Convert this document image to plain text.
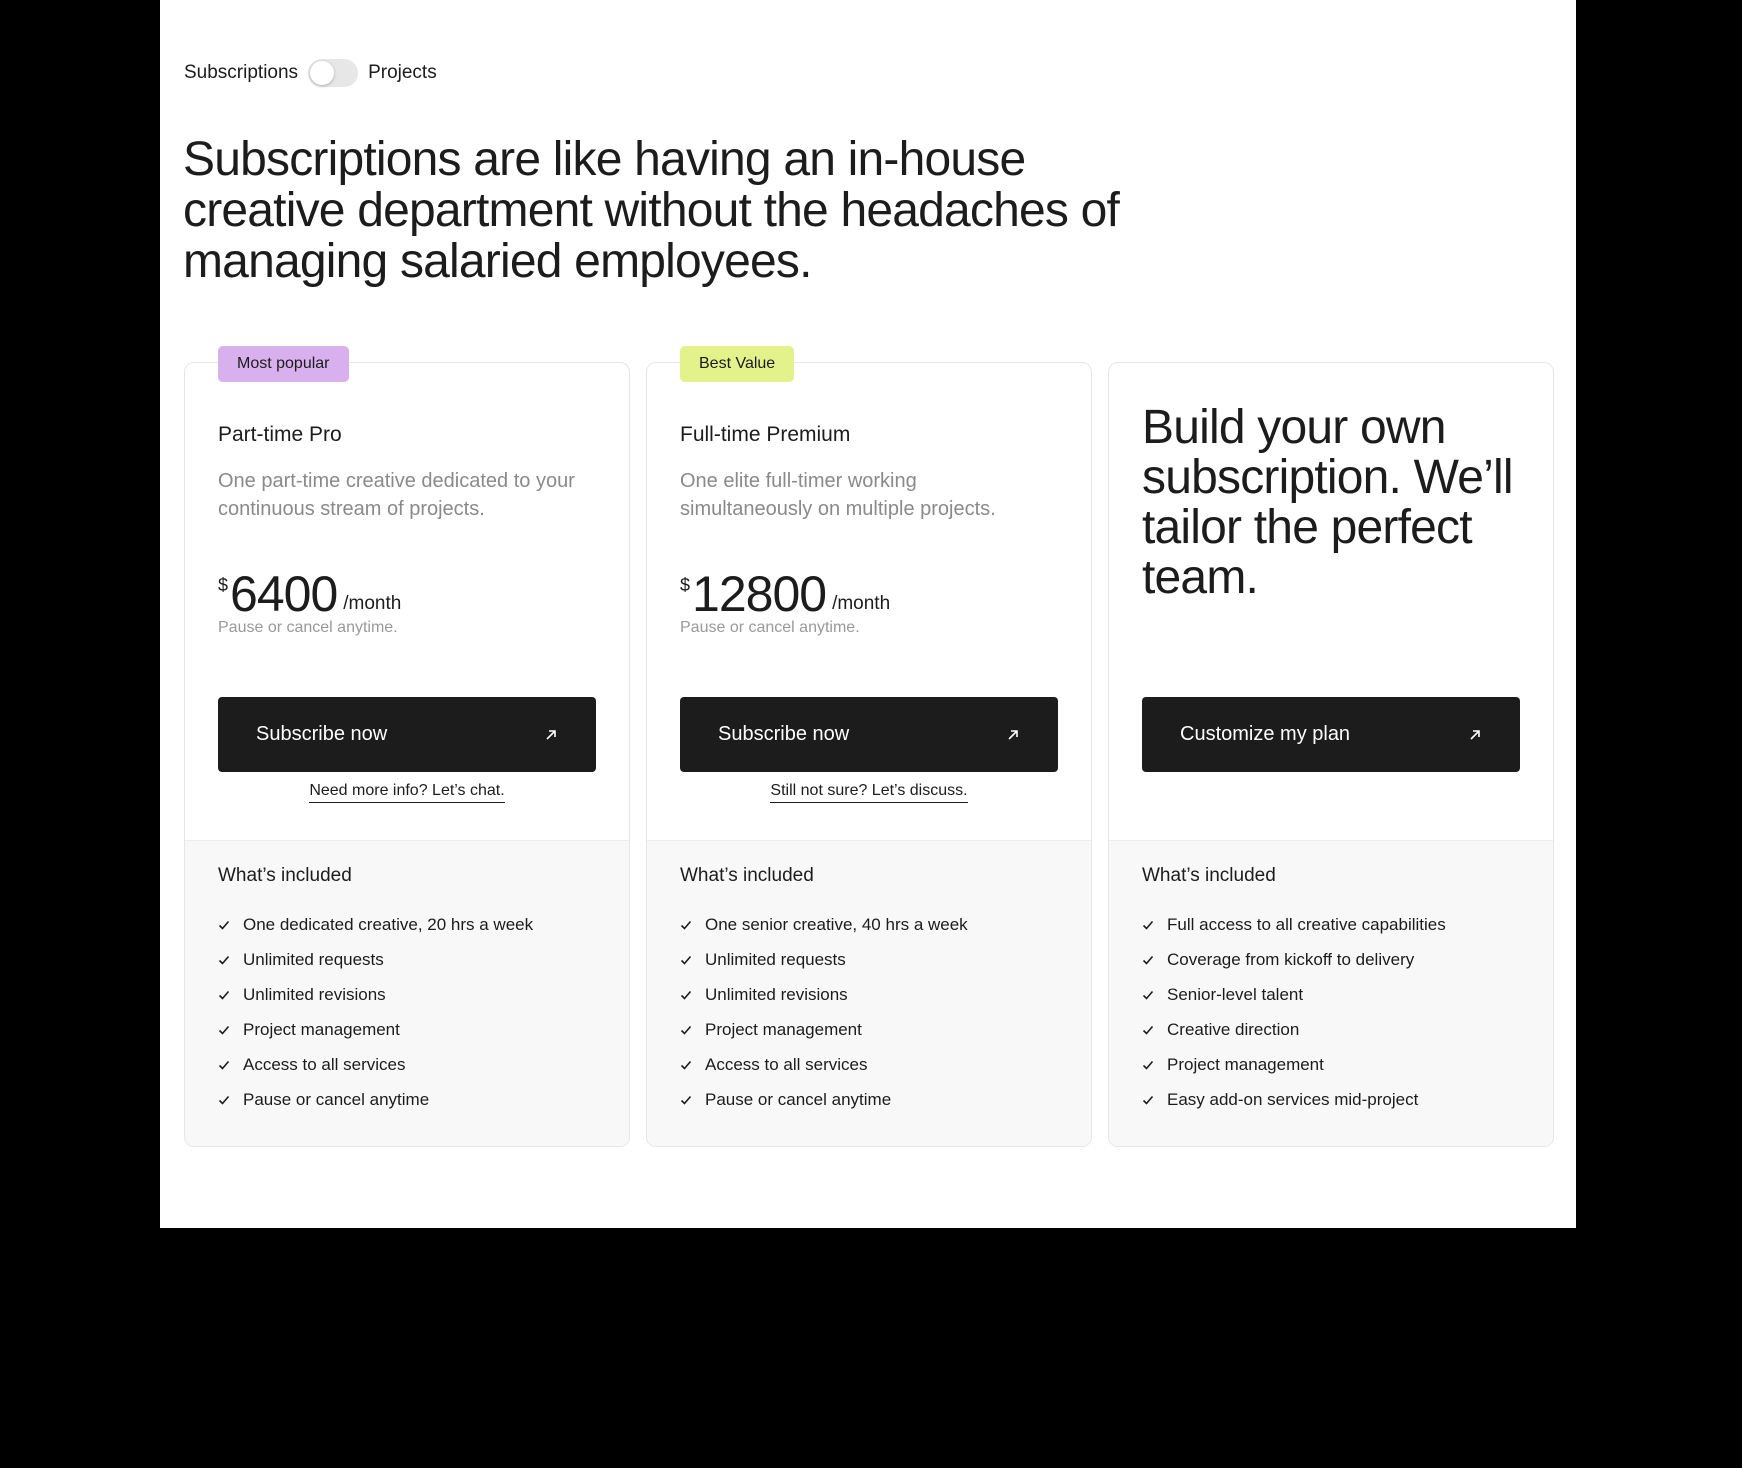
Subscriptions	Projects
Subscriptions are like having an in-house creative department without the headaches of managing salaried employees.
Most popular
Part-time Pro
One part-time creative dedicated to your continuous stream of projects.
$ 6400 /month
Pause or cancel anytime.
Subscribe now
Need more info? Let’s chat.
What’s included
One dedicated creative, 20 hrs a week
Unlimited requests
Unlimited revisions
Project management
Access to all services
Pause or cancel anytime
Best Value
Full-time Premium
One elite full-timer working simultaneously on multiple projects.
$ 12800 /month
Pause or cancel anytime.
Subscribe now
Still not sure? Let’s discuss.
What’s included
One senior creative, 40 hrs a week
Unlimited requests
Unlimited revisions
Project management
Access to all services
Pause or cancel anytime
Build your own subscription. We’ll tailor the perfect team.
Customize my plan
What’s included
Full access to all creative capabilities
Coverage from kickoff to delivery
Senior-level talent
Creative direction
Project management
Easy add-on services mid-project
